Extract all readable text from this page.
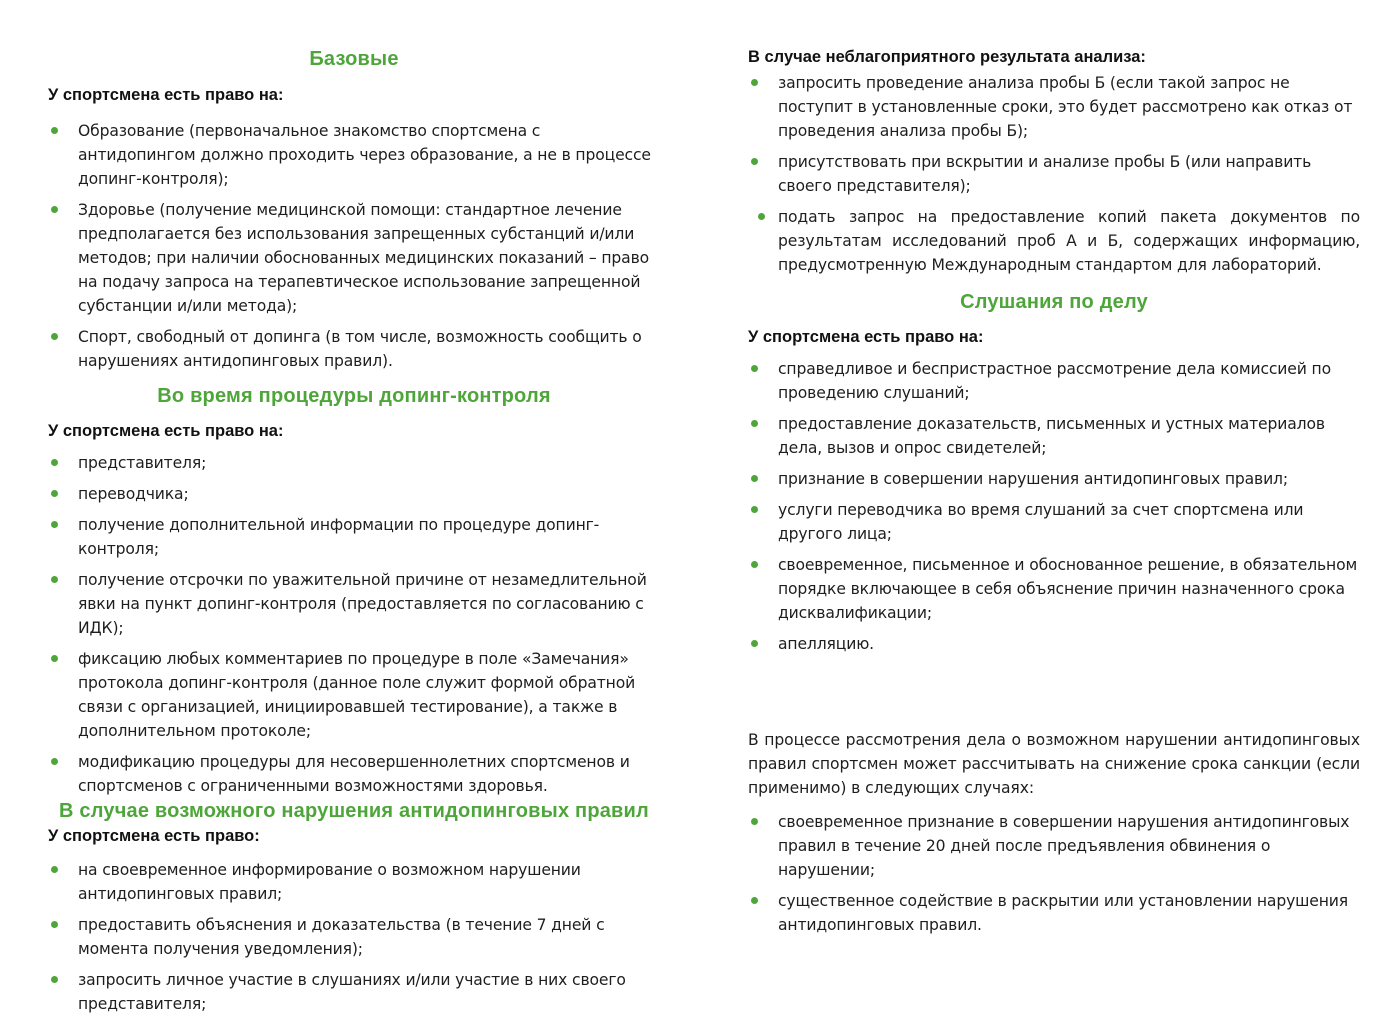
Базовые

У спортсмена есть право на:

Образование (первоначальное знакомство спортсмена с антидопингом должно проходить через образование, а не в процессе допинг-контроля);
Здоровье (получение медицинской помощи: стандартное лечение предполагается без использования запрещенных субстанций и/или методов; при наличии обоснованных медицинских показаний – право на подачу запроса на терапевтическое использование запрещенной субстанции и/или метода);
Спорт, свободный от допинга (в том числе, возможность сообщить о нарушениях антидопинговых правил).
Во время процедуры допинг-контроля

У спортсмена есть право на:

представителя;
переводчика;
получение дополнительной информации по процедуре допинг-контроля;
получение отсрочки по уважительной причине от незамедлительной явки на пункт допинг-контроля (предоставляется по согласованию с ИДК);
фиксацию любых комментариев по процедуре в поле «Замечания» протокола допинг-контроля (данное поле служит формой обратной связи с организацией, инициировавшей тестирование), а также в дополнительном протоколе;
модификацию процедуры для несовершеннолетних спортсменов и спортсменов с ограниченными возможностями здоровья.
В случае возможного нарушения антидопинговых правил

У спортсмена есть право:

на своевременное информирование о возможном нарушении антидопинговых правил;
предоставить объяснения и доказательства (в течение 7 дней с момента получения уведомления);
запросить личное участие в слушаниях и/или участие в них своего представителя;

В случае неблагоприятного результата анализа:

запросить проведение анализа пробы Б (если такой запрос не поступит в установленные сроки, это будет рассмотрено как отказ от проведения анализа пробы Б);
присутствовать при вскрытии и анализе пробы Б (или направить своего представителя);
подать запрос на предоставление копий пакета документов по результатам исследований проб А и Б, содержащих информацию, предусмотренную Международным стандартом для лабораторий.
Слушания по делу

У спортсмена есть право на:

справедливое и беспристрастное рассмотрение дела комиссией по проведению слушаний;
предоставление доказательств, письменных и устных материалов дела, вызов и опрос свидетелей;
признание в совершении нарушения антидопинговых правил;
услуги переводчика во время слушаний за счет спортсмена или другого лица;
своевременное, письменное и обоснованное решение, в обязательном порядке включающее в себя объяснение причин назначенного срока дисквалификации;
апелляцию.

В процессе рассмотрения дела о возможном нарушении антидопинговых правил спортсмен может рассчитывать на снижение срока санкции (если применимо) в следующих случаях:

своевременное признание в совершении нарушения антидопинговых правил в течение 20 дней после предъявления обвинения о нарушении;
существенное содействие в раскрытии или установлении нарушения антидопинговых правил.
